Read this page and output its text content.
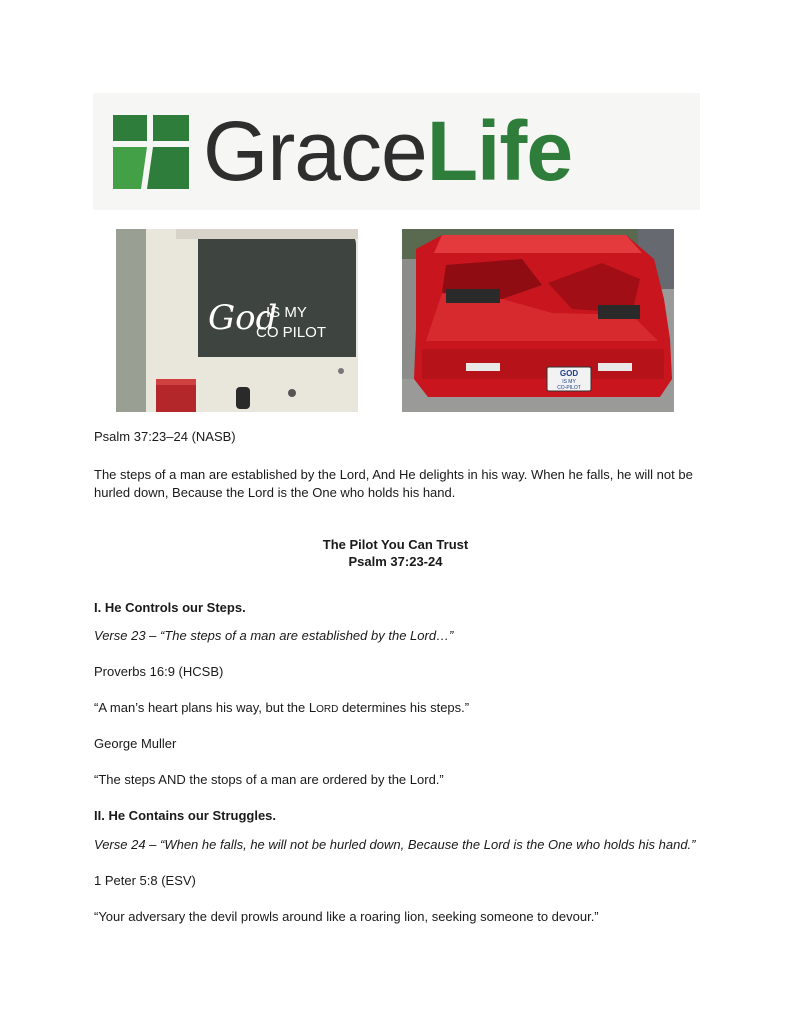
GraceLife
God
IS MY
CO PILOT
GOD
IS MY
CO-PILOT
Psalm 37:23–24 (NASB)
The steps of a man are established by the Lord, And He delights in his way. When he falls, he will not be hurled down, Because the Lord is the One who holds his hand.
The Pilot You Can Trust
Psalm 37:23-24
I. He Controls our Steps.
Verse 23 – “The steps of a man are established by the Lord…”
Proverbs 16:9 (HCSB)
“A man’s heart plans his way, but the LORD determines his steps.”
George Muller
“The steps AND the stops of a man are ordered by the Lord.”
II. He Contains our Struggles.
Verse 24 – “When he falls, he will not be hurled down, Because the Lord is the One who holds his hand.”
1 Peter 5:8 (ESV)
“Your adversary the devil prowls around like a roaring lion, seeking someone to devour.”
